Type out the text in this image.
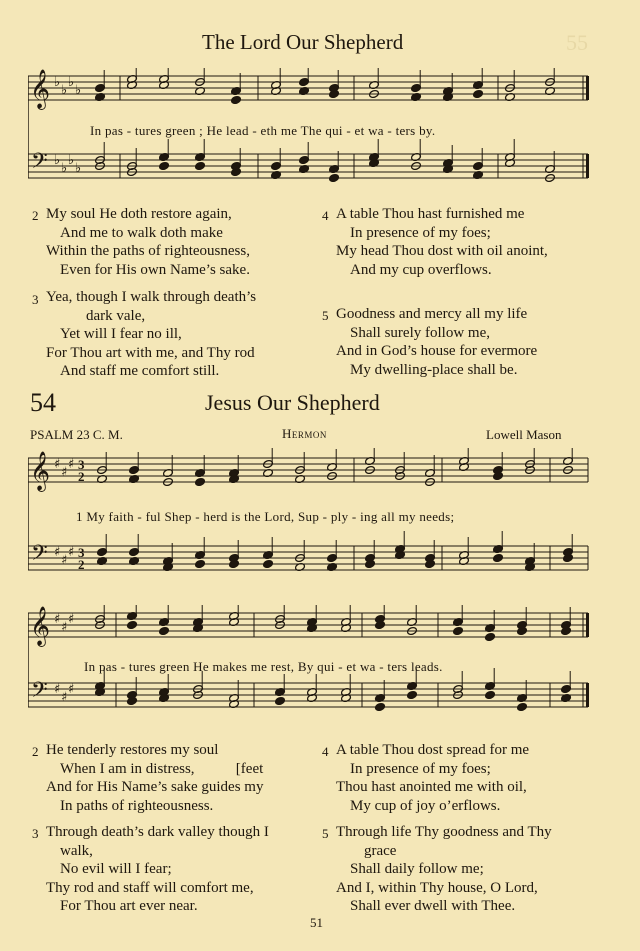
55
The Lord Our Shepherd
𝄞 ♭
♭
♭
♭
𝄢 ♭
♭
♭
♭
In pas - tures green ; He lead - eth me The qui - et wa - ters by.
2 My soul He doth restore again,
And me to walk doth make
Within the paths of righteousness,
Even for His own Name’s sake.
3 Yea, though I walk through death’s
dark vale,
Yet will I fear no ill,
For Thou art with me, and Thy rod
And staff me comfort still.
4 A table Thou hast furnished me
In presence of my foes;
My head Thou dost with oil anoint,
And my cup overflows.
5 Goodness and mercy all my life
Shall surely follow me,
And in God’s house for evermore
My dwelling-place shall be.
54	Jesus Our Shepherd
PSALM 23 C. M.	Hermon	Lowell Mason
𝄞 ♯
♯
♯ 3
2
𝄢 ♯
♯
♯ 3
2
1 My faith - ful Shep - herd is the Lord, Sup - ply - ing all my needs;
𝄞 ♯
♯
♯
𝄢 ♯
♯
♯
In pas - tures green He makes me rest, By qui - et wa - ters leads.
2 He tenderly restores my soul
When I am in distress,           [feet
And for His Name’s sake guides my
In paths of righteousness.
3 Through death’s dark valley though I
walk,
No evil will I fear;
Thy rod and staff will comfort me,
For Thou art ever near.
4 A table Thou dost spread for me
In presence of my foes;
Thou hast anointed me with oil,
My cup of joy o’erflows.
5 Through life Thy goodness and Thy
grace
Shall daily follow me;
And I, within Thy house, O Lord,
Shall ever dwell with Thee.
51
